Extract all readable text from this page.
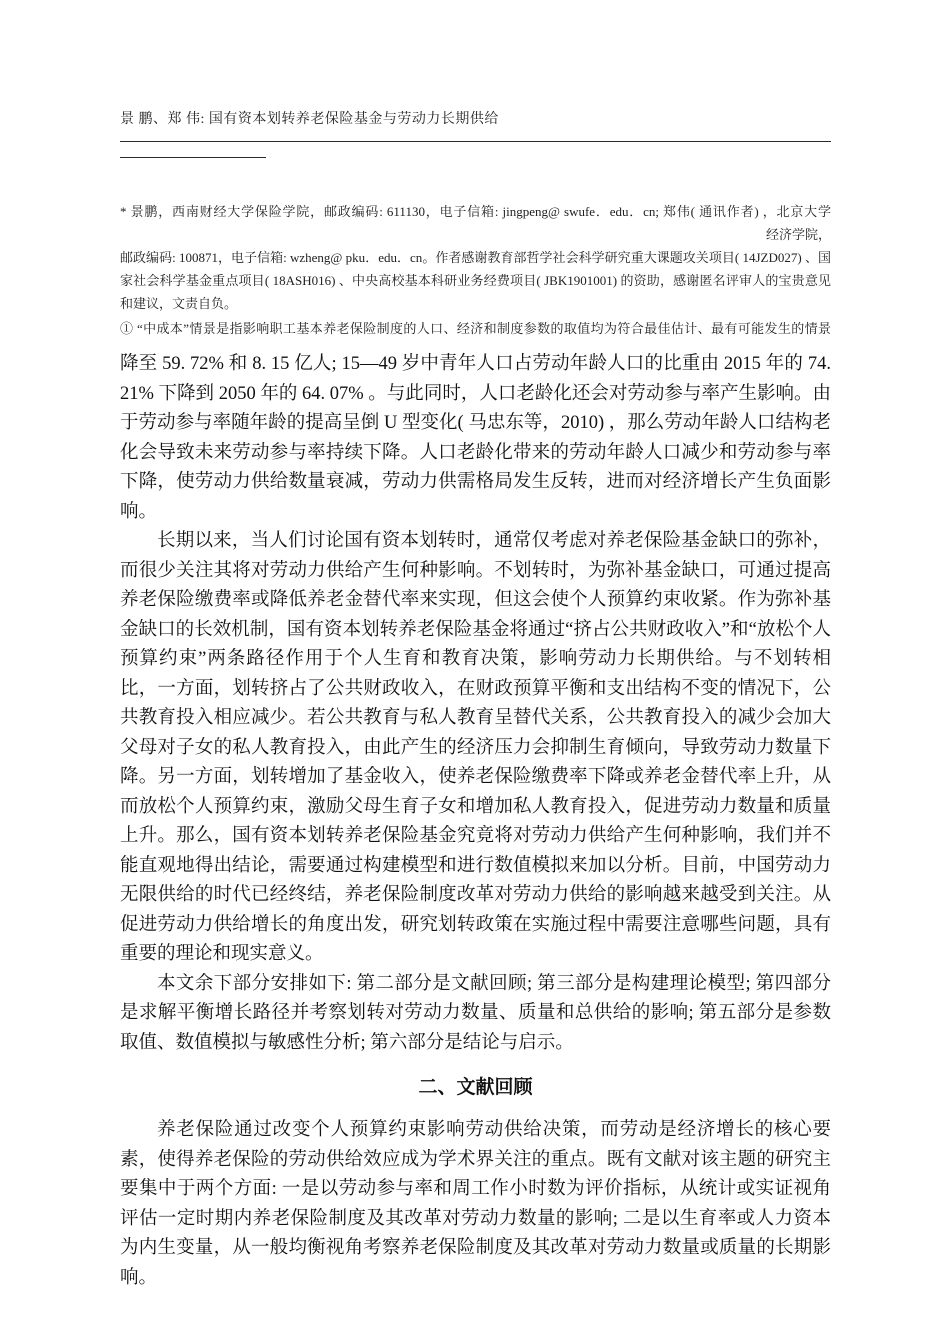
景 鹏、郑 伟: 国有资本划转养老保险基金与劳动力长期供给
* 景鹏，西南财经大学保险学院，邮政编码: 611130，电子信箱: jingpeng@ swufe．edu．cn; 郑伟( 通讯作者) ，北京大学
经济学院，
邮政编码: 100871，电子信箱: wzheng@ pku．edu．cn。作者感谢教育部哲学社会科学研究重大课题攻关项目( 14JZD027) 、国家社会科学基金重点项目( 18ASH016) 、中央高校基本科研业务经费项目( JBK1901001) 的资助，感谢匿名评审人的宝贵意见和建议，文责自负。
① “中成本”情景是指影响职工基本养老保险制度的人口、经济和制度参数的取值均为符合最佳估计、最有可能发生的情景

降至 59. 72% 和 8. 15 亿人; 15—49 岁中青年人口占劳动年龄人口的比重由 2015 年的 74. 21% 下降到 2050 年的 64. 07% 。与此同时，人口老龄化还会对劳动参与率产生影响。由于劳动参与率随年龄的提高呈倒 U 型变化( 马忠东等，2010) ，那么劳动年龄人口结构老化会导致未来劳动参与率持续下降。人口老龄化带来的劳动年龄人口减少和劳动参与率下降，使劳动力供给数量衰减，劳动力供需格局发生反转，进而对经济增长产生负面影响。

长期以来，当人们讨论国有资本划转时，通常仅考虑对养老保险基金缺口的弥补，而很少关注其将对劳动力供给产生何种影响。不划转时，为弥补基金缺口，可通过提高养老保险缴费率或降低养老金替代率来实现，但这会使个人预算约束收紧。作为弥补基金缺口的长效机制，国有资本划转养老保险基金将通过“挤占公共财政收入”和“放松个人预算约束”两条路径作用于个人生育和教育决策，影响劳动力长期供给。与不划转相比，一方面，划转挤占了公共财政收入，在财政预算平衡和支出结构不变的情况下，公共教育投入相应减少。若公共教育与私人教育呈替代关系，公共教育投入的减少会加大父母对子女的私人教育投入，由此产生的经济压力会抑制生育倾向，导致劳动力数量下降。另一方面，划转增加了基金收入，使养老保险缴费率下降或养老金替代率上升，从而放松个人预算约束，激励父母生育子女和增加私人教育投入，促进劳动力数量和质量上升。那么，国有资本划转养老保险基金究竟将对劳动力供给产生何种影响，我们并不能直观地得出结论，需要通过构建模型和进行数值模拟来加以分析。目前，中国劳动力无限供给的时代已经终结，养老保险制度改革对劳动力供给的影响越来越受到关注。从促进劳动力供给增长的角度出发，研究划转政策在实施过程中需要注意哪些问题，具有重要的理论和现实意义。

本文余下部分安排如下: 第二部分是文献回顾; 第三部分是构建理论模型; 第四部分是求解平衡增长路径并考察划转对劳动力数量、质量和总供给的影响; 第五部分是参数取值、数值模拟与敏感性分析; 第六部分是结论与启示。

二、文献回顾

养老保险通过改变个人预算约束影响劳动供给决策，而劳动是经济增长的核心要素，使得养老保险的劳动供给效应成为学术界关注的重点。既有文献对该主题的研究主要集中于两个方面: 一是以劳动参与率和周工作小时数为评价指标，从统计或实证视角评估一定时期内养老保险制度及其改革对劳动力数量的影响; 二是以生育率或人力资本为内生变量，从一般均衡视角考察养老保险制度及其改革对劳动力数量或质量的长期影响。
